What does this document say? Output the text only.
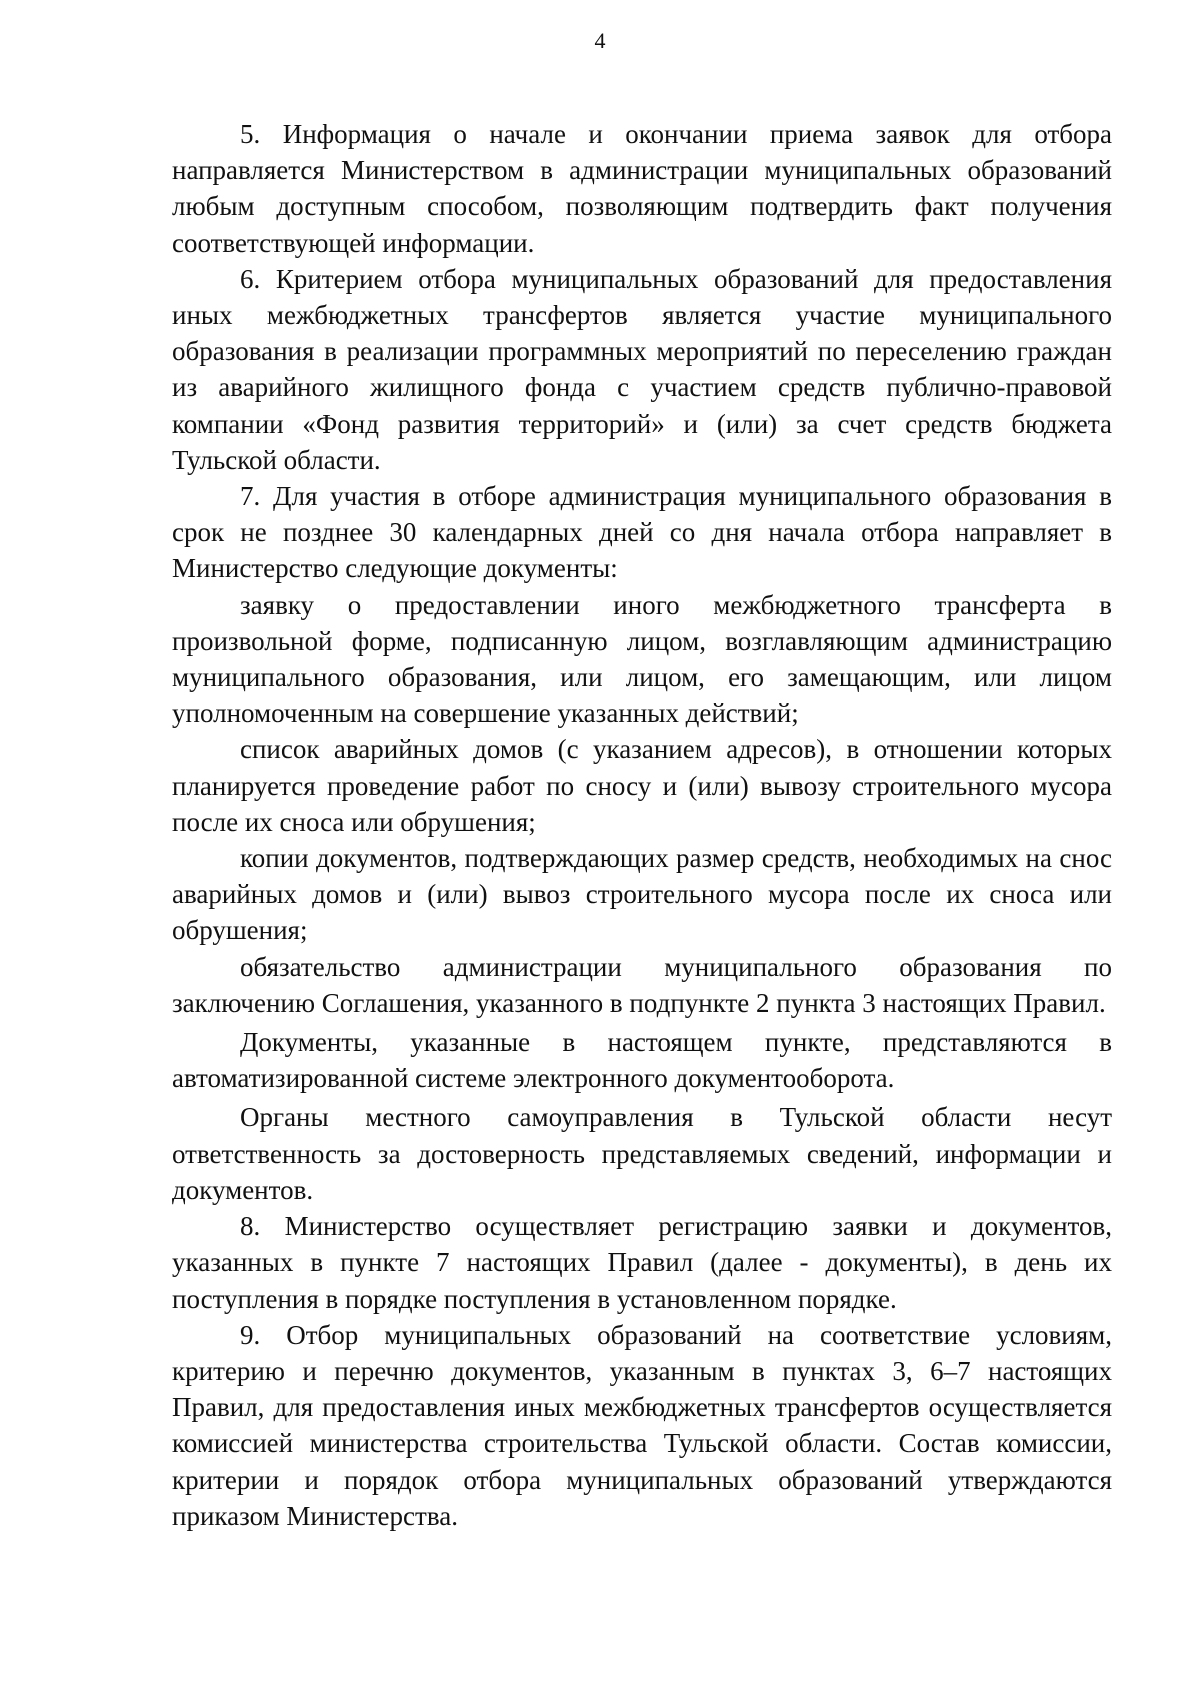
4

5. Информация о начале и окончании приема заявок для отбора направляется Министерством в администрации муниципальных образований любым доступным способом, позволяющим подтвердить факт получения соответствующей информации.

6. Критерием отбора муниципальных образований для предоставления иных межбюджетных трансфертов является участие муниципального образования в реализации программных мероприятий по переселению граждан из аварийного жилищного фонда с участием средств публично-правовой компании «Фонд развития территорий» и (или) за счет средств бюджета Тульской области.

7. Для участия в отборе администрация муниципального образования в срок не позднее 30 календарных дней со дня начала отбора направляет в Министерство следующие документы:

заявку о предоставлении иного межбюджетного трансферта в произвольной форме, подписанную лицом, возглавляющим администрацию муниципального образования, или лицом, его замещающим, или лицом уполномоченным на совершение указанных действий;

список аварийных домов (с указанием адресов), в отношении которых планируется проведение работ по сносу и (или) вывозу строительного мусора после их сноса или обрушения;

копии документов, подтверждающих размер средств, необходимых на снос аварийных домов и (или) вывоз строительного мусора после их сноса или обрушения;

обязательство администрации муниципального образования по заключению Соглашения, указанного в подпункте 2 пункта 3 настоящих Правил.

Документы, указанные в настоящем пункте, представляются в автоматизированной системе электронного документооборота.

Органы местного самоуправления в Тульской области несут ответственность за достоверность представляемых сведений, информации и документов.

8. Министерство осуществляет регистрацию заявки и документов, указанных в пункте 7 настоящих Правил (далее - документы), в день их поступления в порядке поступления в установленном порядке.

9. Отбор муниципальных образований на соответствие условиям, критерию и перечню документов, указанным в пунктах 3, 6–7 настоящих Правил, для предоставления иных межбюджетных трансфертов осуществляется комиссией министерства строительства Тульской области. Состав комиссии, критерии и порядок отбора муниципальных образований утверждаются приказом Министерства.
